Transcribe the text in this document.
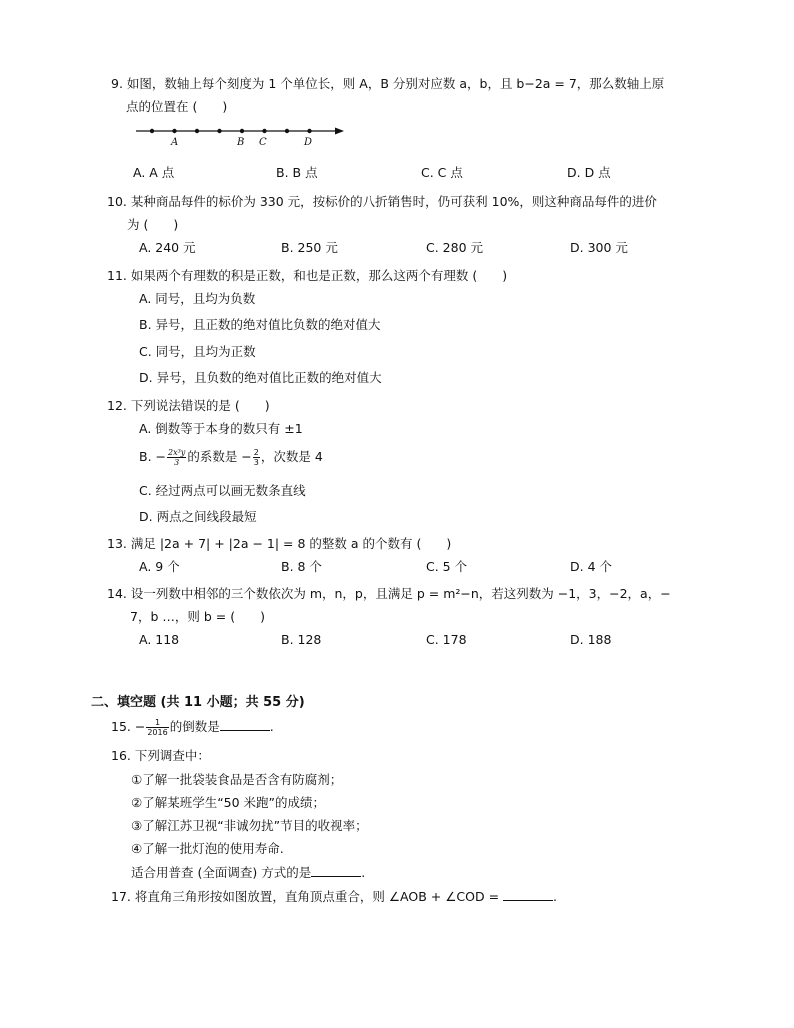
9. 如图，数轴上每个刻度为 1 个单位长，则 A，B 分别对应数 a，b，且 b−2a = 7，那么数轴上原
点的位置在 (　　)
A	B C	D
A. A 点	B. B 点	C. C 点	D. D 点
10. 某种商品每件的标价为 330 元，按标价的八折销售时，仍可获利 10%，则这种商品每件的进价
为 (　　)
A. 240 元	B. 250 元	C. 280 元	D. 300 元
11. 如果两个有理数的积是正数，和也是正数，那么这两个有理数 (　　)
A. 同号，且均为负数
B. 异号，且正数的绝对值比负数的绝对值大
C. 同号，且均为正数
D. 异号，且负数的绝对值比正数的绝对值大
12. 下列说法错误的是 (　　)
A. 倒数等于本身的数只有 ±1
B. − $\frac{\text{2x³y}}{3}$ 的系数是 − $\frac{2}{3}$ ，次数是 4
C. 经过两点可以画无数条直线
D. 两点之间线段最短
13. 满足 |2a + 7| + |2a − 1| = 8 的整数 a 的个数有 (　　)
A. 9 个	B. 8 个	C. 5 个	D. 4 个
14. 设一列数中相邻的三个数依次为 m，n，p，且满足 p = m²−n，若这列数为 −1，3，−2，a，−
7，b …，则 b = (　　)
A. 118	B. 128	C. 178	D. 188
二、填空题 (共 11 小题；共 55 分)
15. − $\frac{1}{2016}$ 的倒数是	.
16. 下列调查中：
①了解一批袋装食品是否含有防腐剂；
②了解某班学生“50 米跑”的成绩；
③了解江苏卫视“非诚勿扰”节目的收视率；
④了解一批灯泡的使用寿命.
适合用普查 (全面调查) 方式的是	.
17. 将直角三角形按如图放置，直角顶点重合，则 ∠AOB + ∠COD =	.
